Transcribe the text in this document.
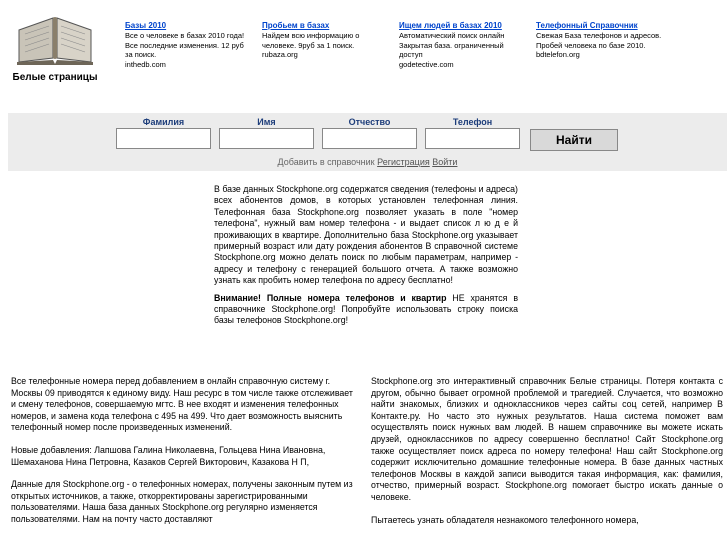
Белые страницы
Базы 2010
Все о человеке в базах 2010 года! Все последние изменения. 12 руб за поиск.
inthedb.com
Пробьем в базах
Найдем всю информацию о человеке. 9руб за 1 поиск.
rubaza.org
Ищем людей в базах 2010
Автоматический поиск онлайн Закрытая база. ограниченный доступ
godetective.com
Телефонный Справочник
Свежая База телефонов и адресов. Пробей человека по базе 2010.
bdtelefon.org
Фамилия	Имя	Отчество	Телефон
Найти
Добавить в справочник Регистрация Войти

В базе данных Stockphone.org содержатся сведения (телефоны и адреса) всех абонентов домов, в которых установлен телефонная линия. Телефонная база Stockphone.org позволяет указать в поле "номер телефона", нужный вам номер телефона - и выдает список л ю д е й проживающих в квартире. Дополнительно база Stockphone.org указывает примерный возраст или дату рождения абонентов В справочной системе Stockphone.org можно делать поиск по любым параметрам, например - адресу и телефону с генерацией большого отчета. А также возможно узнать как пробить номер телефона по адресу бесплатно!

Внимание! Полные номера телефонов и квартир НЕ хранятся в справочнике Stockphone.org! Попробуйте использовать строку поиска базы телефонов Stockphone.org!

Все телефонные номера перед добавлением в онлайн справочную систему г. Москвы 09 приводятся к единому виду. Наш ресурс в том числе также отслеживает и смену телефонов, совершаемую мгтс. В нее входят и изменения телефонных номеров, и замена кода телефона с 495 на 499. Что дает возможность выяснить телефонный номер после произведенных изменений.

Новые добавления: Лапшова Галина Николаевна, Гольцева Нина Ивановна, Шемаханова Нина Петровна, Казаков Сергей Викторович, Казакова Н П,

Данные для Stockphone.org - о телефонных номерах, получены законным путем из открытых источников, а также, откорректированы зарегистрированными пользователями. Наша база данных Stockphone.org регулярно изменяется пользователями. Нам на почту часто доставляют

Stockphone.org это интерактивный справочник Белые страницы. Потеря контакта с другом, обычно бывает огромной проблемой и трагедией. Случается, что возможно найти знакомых, близких и одноклассников через сайты соц сетей, например В Контакте.ру. Но часто это нужных результатов. Наша система поможет вам осуществлять поиск нужных вам людей. В нашем справочнике вы можете искать друзей, одноклассников по адресу совершенно бесплатно! Сайт Stockphone.org также осуществляет поиск адреса по номеру телефона! Наш сайт Stockphone.org содержит исключительно домашние телефонные номера. В базе данных частных телефонов Москвы в каждой записи выводится такая информация, как: фамилия, отчество, примерный возраст. Stockphone.org помогает быстро искать данные о человеке.

Пытаетесь узнать обладателя незнакомого телефонного номера,
